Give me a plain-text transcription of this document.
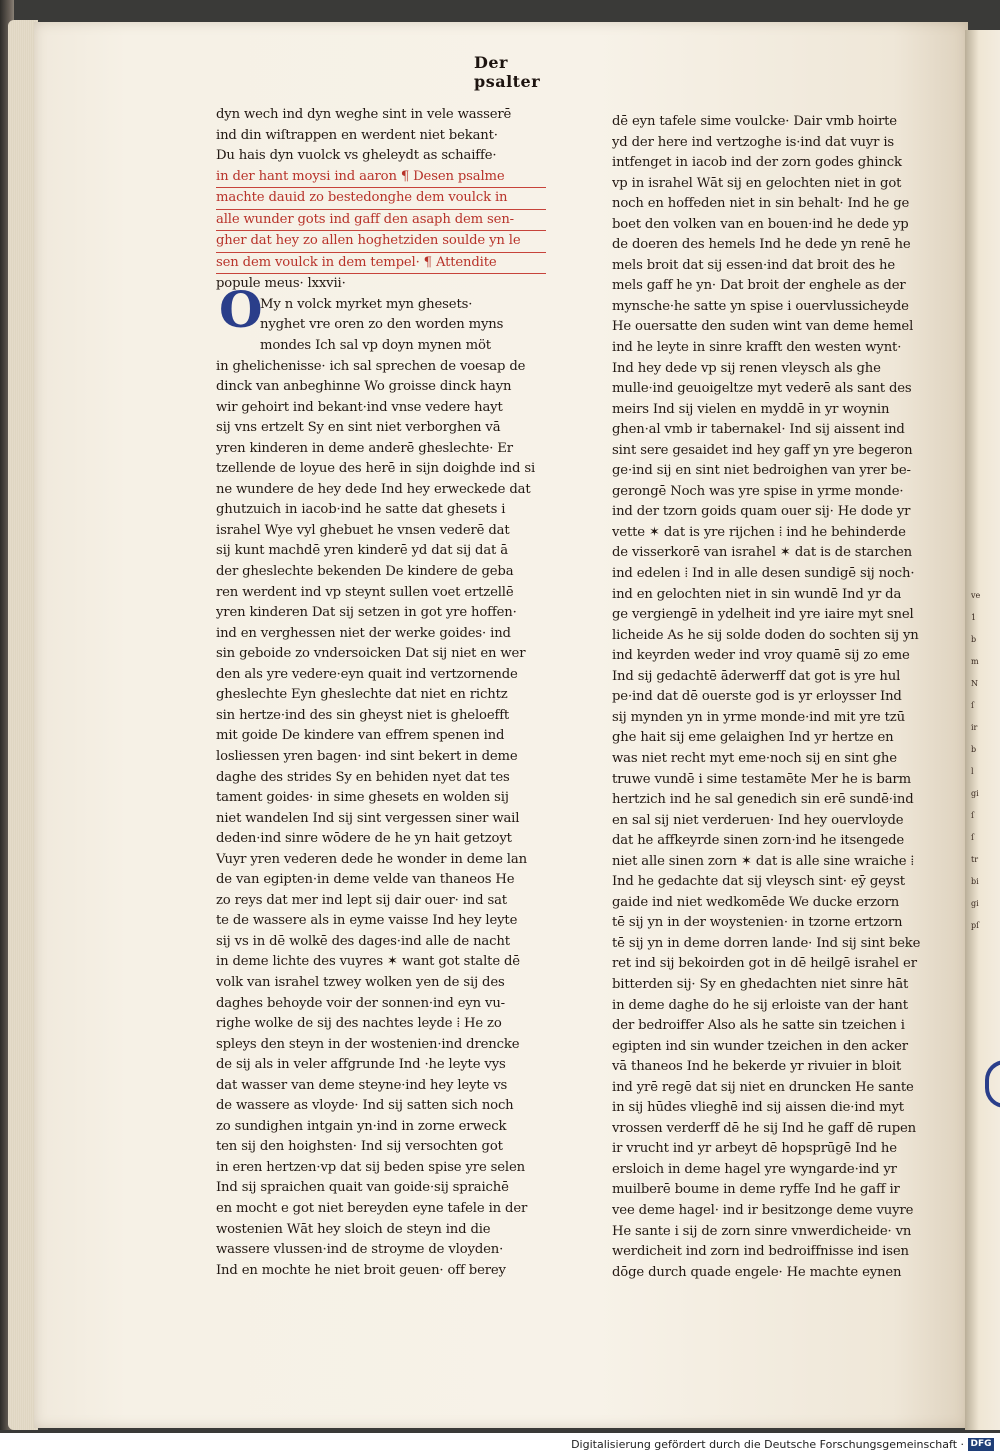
ve
1
b
m
N
ſ
ir
b
l
gi
ſ
ſ
tr
bi
gi
pſ
Der psalter
O
dyn wech ind dyn weghe sint in vele wasserē
ind din wiſtrappen en werdent niet bekant·
Du hais dyn vuolck vs gheleydt as schaiffe·
in der hant moysi ind aaron ¶ Desen psalme
machte dauid zo bestedonghe dem voulck in
alle wunder gots ind gaff den asaph dem sen‑
gher dat hey zo allen hoghetziden soulde yn le
sen dem voulck in dem tempel· ¶ Attendite
popule meus· lxxvii·
My n volck myrket myn ghesets·
nyghet vre oren zo den worden myns
mondes Ich sal vp doyn mynen möt
in ghelichenisse· ich sal sprechen de voesap de
dinck van anbeghinne Wo groisse dinck hayn
wir gehoirt ind bekant·ind vnse vedere hayt
sij vns ertzelt Sy en sint niet verborghen vā
yren kinderen in deme anderē gheslechte· Er
tzellende de loyue des herē in sijn doighde ind si
ne wundere de hey dede Ind hey erweckede dat
ghutzuich in iacob·ind he satte dat ghesets i
israhel Wye vyl ghebuet he vnsen vederē dat
sij kunt machdē yren kinderē yd dat sij dat ā
der gheslechte bekenden De kindere de geba
ren werdent ind vp steynt sullen voet ertzellē
yren kinderen Dat sij setzen in got yre hoffen·
ind en verghessen niet der werke goides· ind
sin geboide zo vndersoicken Dat sij niet en wer
den als yre vedere·eyn quait ind vertzornende
gheslechte Eyn gheslechte dat niet en richtz
sin hertze·ind des sin gheyst niet is gheloefft
mit goide De kindere van effrem spenen ind
losliessen yren bagen· ind sint bekert in deme
daghe des strides Sy en behiden nyet dat tes
tament goides· in sime ghesets en wolden sij
niet wandelen Ind sij sint vergessen siner wail
deden·ind sinre wōdere de he yn hait getzoyt
Vuyr yren vederen dede he wonder in deme lan
de van egipten·in deme velde van thaneos He
zo reys dat mer ind lept sij dair ouer· ind sat
te de wassere als in eyme vaisse Ind hey leyte
sij vs in dē wolkē des dages·ind alle de nacht
in deme lichte des vuyres ✶ want got stalte dē
volk van israhel tzwey wolken yen de sij des
daghes behoyde voir der sonnen·ind eyn vu‑
righe wolke de sij des nachtes leyde ⁞ He zo
spleys den steyn in der wostenien·ind drencke
de sij als in veler affgrunde Ind ·he leyte vys
dat wasser van deme steyne·ind hey leyte vs
de wassere as vloyde· Ind sij satten sich noch
zo sundighen intgain yn·ind in zorne erweck
ten sij den hoighsten· Ind sij versochten got
in eren hertzen·vp dat sij beden spise yre selen
Ind sij spraichen quait van goide·sij spraichē
en mocht e got niet bereyden eyne tafele in der
wostenien Wāt hey sloich de steyn ind die
wassere vlussen·ind de stroyme de vloyden·
Ind en mochte he niet broit geuen· off berey
dē eyn tafele sime voulcke· Dair vmb hoirte
yd der here ind vertzoghe is·ind dat vuyr is
intfenget in iacob ind der zorn godes ghinck
vp in israhel Wāt sij en gelochten niet in got
noch en hoffeden niet in sin behalt· Ind he ge
boet den volken van en bouen·ind he dede yp
de doeren des hemels Ind he dede yn renē he
mels broit dat sij essen·ind dat broit des he
mels gaff he yn· Dat broit der enghele as der
mynsche·he satte yn spise i ouervlussicheyde
He ouersatte den suden wint van deme hemel
ind he leyte in sinre krafft den westen wynt·
Ind hey dede vp sij renen vleysch als ghe
mulle·ind geuoigeltze myt vederē als sant des
meirs Ind sij vielen en myddē in yr woynin
ghen·al vmb ir tabernakel· Ind sij aissent ind
sint sere gesaidet ind hey gaff yn yre begeron
ge·ind sij en sint niet bedroighen van yrer be‑
gerongē Noch was yre spise in yrme monde·
ind der tzorn goids quam ouer sij· He dode yr
vette ✶ dat is yre rijchen ⁞ ind he behinderde
de visserkorē van israhel ✶ dat is de starchen
ind edelen ⁞ Ind in alle desen sundigē sij noch·
ind en gelochten niet in sin wundē Ind yr da
ge vergiengē in ydelheit ind yre iaire myt snel
licheide As he sij solde doden do sochten sij yn
ind keyrden weder ind vroy quamē sij zo eme
Ind sij gedachtē āderwerff dat got is yre hul
pe·ind dat dē ouerste god is yr erloysser Ind
sij mynden yn in yrme monde·ind mit yre tzū
ghe hait sij eme gelaighen Ind yr hertze en
was niet recht myt eme·noch sij en sint ghe
truwe vundē i sime testamēte Mer he is barm
hertzich ind he sal genedich sin erē sundē·ind
en sal sij niet verderuen· Ind hey ouervloyde
dat he affkeyrde sinen zorn·ind he itsengede
niet alle sinen zorn ✶ dat is alle sine wraiche ⁞
Ind he gedachte dat sij vleysch sint· eȳ geyst
gaide ind niet wedkomēde We ducke erzorn
tē sij yn in der woystenien· in tzorne ertzorn
tē sij yn in deme dorren lande· Ind sij sint beke
ret ind sij bekoirden got in dē heilgē israhel er
bitterden sij· Sy en ghedachten niet sinre hāt
in deme daghe do he sij erloiste van der hant
der bedroiffer Also als he satte sin tzeichen i
egipten ind sin wunder tzeichen in den acker
vā thaneos Ind he bekerde yr rivuier in bloit
ind yrē regē dat sij niet en druncken He sante
in sij hūdes vlieghē ind sij aissen die·ind myt
vrossen verderff dē he sij Ind he gaff dē rupen
ir vrucht ind yr arbeyt dē hopsprūgē Ind he
ersloich in deme hagel yre wyngarde·ind yr
muilberē boume in deme ryffe Ind he gaff ir
vee deme hagel· ind ir besitzonge deme vuyre
He sante i sij de zorn sinre vnwerdicheide· vn
werdicheit ind zorn ind bedroiffnisse ind isen
dōge durch quade engele· He machte eynen
Digitalisierung gefördert durch die Deutsche Forschungsgemeinschaft · DFG
